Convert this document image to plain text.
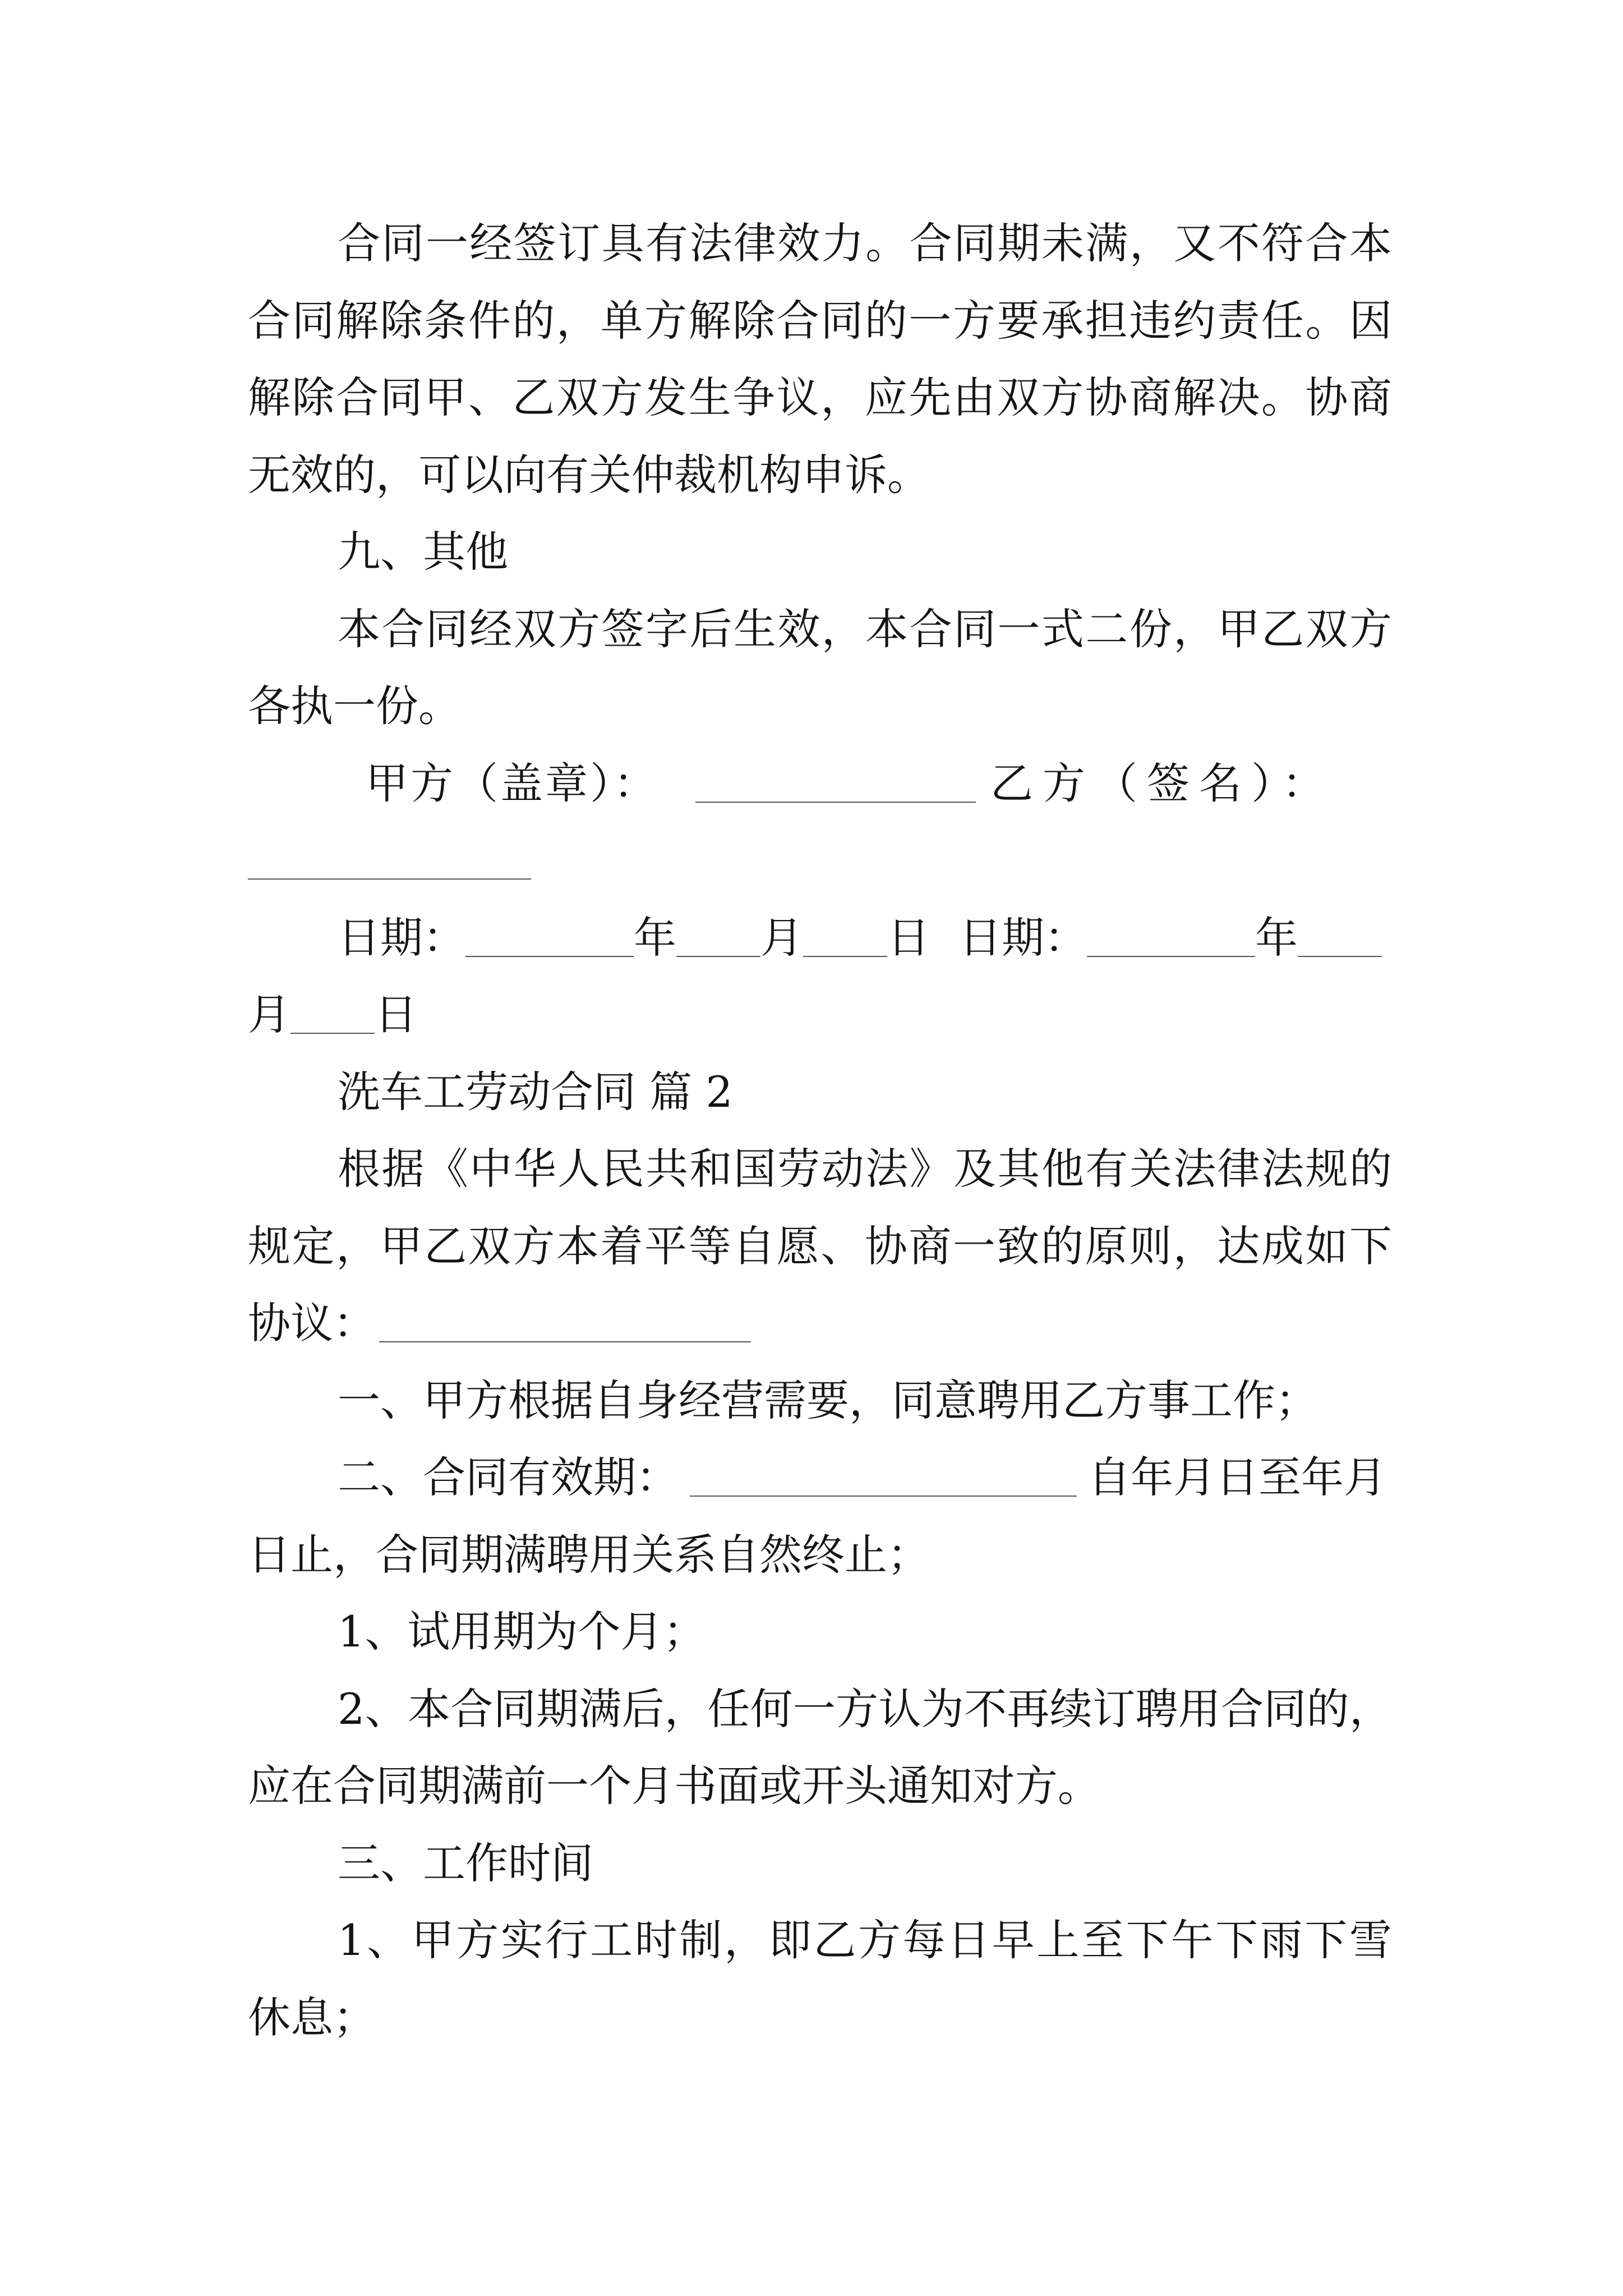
合同一经签订具有法律效力。合同期未满，又不符合本
合同解除条件的，单方解除合同的一方要承担违约责任。因
解除合同甲、乙双方发生争议，应先由双方协商解决。协商
无效的，可以向有关仲裁机构申诉。
九、其他
本合同经双方签字后生效，本合同一式二份，甲乙双方
各执一份。
甲方（盖章）：	乙方（签名）：
日期：	年 月 日 日期：	年
月 日
洗车工劳动合同 篇 2
根据《中华人民共和国劳动法》及其他有关法律法规的
规定，甲乙双方本着平等自愿、协商一致的原则，达成如下
协议：
一、甲方根据自身经营需要，同意聘用乙方事工作；
二、合同有效期：	自年月日至年月
日止，合同期满聘用关系自然终止；
1、试用期为个月；
2、本合同期满后，任何一方认为不再续订聘用合同的，
应在合同期满前一个月书面或开头通知对方。
三、工作时间
1、甲方实行工时制，即乙方每日早上至下午下雨下雪
休息；
